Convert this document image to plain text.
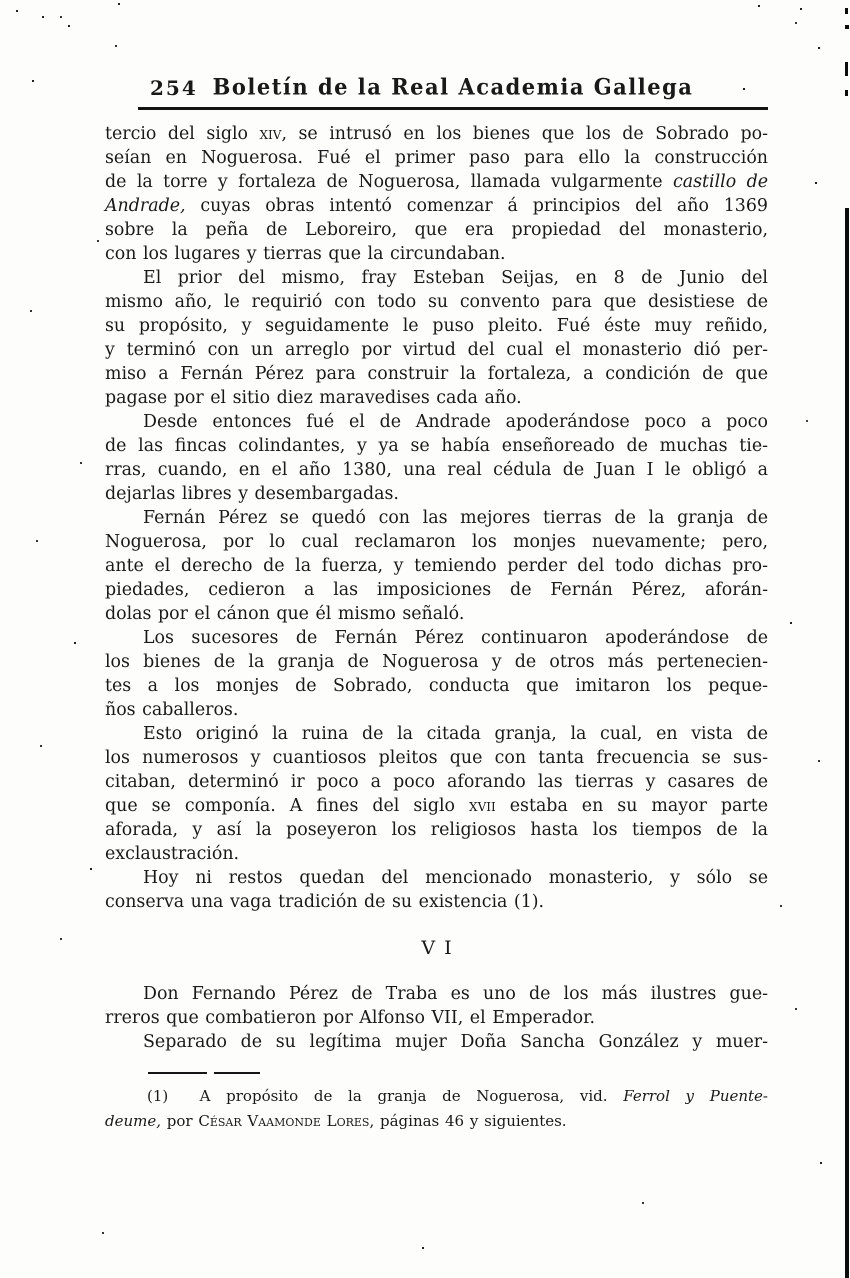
254 Boletín de la Real Academia Gallega
tercio del siglo xiv, se intrusó en los bienes que los de Sobrado po-
seían en Noguerosa. Fué el primer paso para ello la construcción
de la torre y fortaleza de Noguerosa, llamada vulgarmente castillo de
Andrade, cuyas obras intentó comenzar á principios del año 1369
sobre la peña de Leboreiro, que era propiedad del monasterio,
con los lugares y tierras que la circundaban.
El prior del mismo, fray Esteban Seijas, en 8 de Junio del
mismo año, le requirió con todo su convento para que desistiese de
su propósito, y seguidamente le puso pleito. Fué éste muy reñido,
y terminó con un arreglo por virtud del cual el monasterio dió per-
miso a Fernán Pérez para construir la fortaleza, a condición de que
pagase por el sitio diez maravedises cada año.
Desde entonces fué el de Andrade apoderándose poco a poco
de las fincas colindantes, y ya se había enseñoreado de muchas tie-
rras, cuando, en el año 1380, una real cédula de Juan I le obligó a
dejarlas libres y desembargadas.
Fernán Pérez se quedó con las mejores tierras de la granja de
Noguerosa, por lo cual reclamaron los monjes nuevamente; pero,
ante el derecho de la fuerza, y temiendo perder del todo dichas pro-
piedades, cedieron a las imposiciones de Fernán Pérez, aforán-
dolas por el cánon que él mismo señaló.
Los sucesores de Fernán Pérez continuaron apoderándose de
los bienes de la granja de Noguerosa y de otros más pertenecien-
tes a los monjes de Sobrado, conducta que imitaron los peque-
ños caballeros.
Esto originó la ruina de la citada granja, la cual, en vista de
los numerosos y cuantiosos pleitos que con tanta frecuencia se sus-
citaban, determinó ir poco a poco aforando las tierras y casares de
que se componía. A fines del siglo xvii estaba en su mayor parte
aforada, y así la poseyeron los religiosos hasta los tiempos de la
exclaustración.
Hoy ni restos quedan del mencionado monasterio, y sólo se
conserva una vaga tradición de su existencia (1).
VI
Don Fernando Pérez de Traba es uno de los más ilustres gue-
rreros que combatieron por Alfonso VII, el Emperador.
Separado de su legítima mujer Doña Sancha González y muer-
(1)  A propósito de la granja de Noguerosa, vid. Ferrol y Puente-
deume, por César Vaamonde Lores, páginas 46 y siguientes.
